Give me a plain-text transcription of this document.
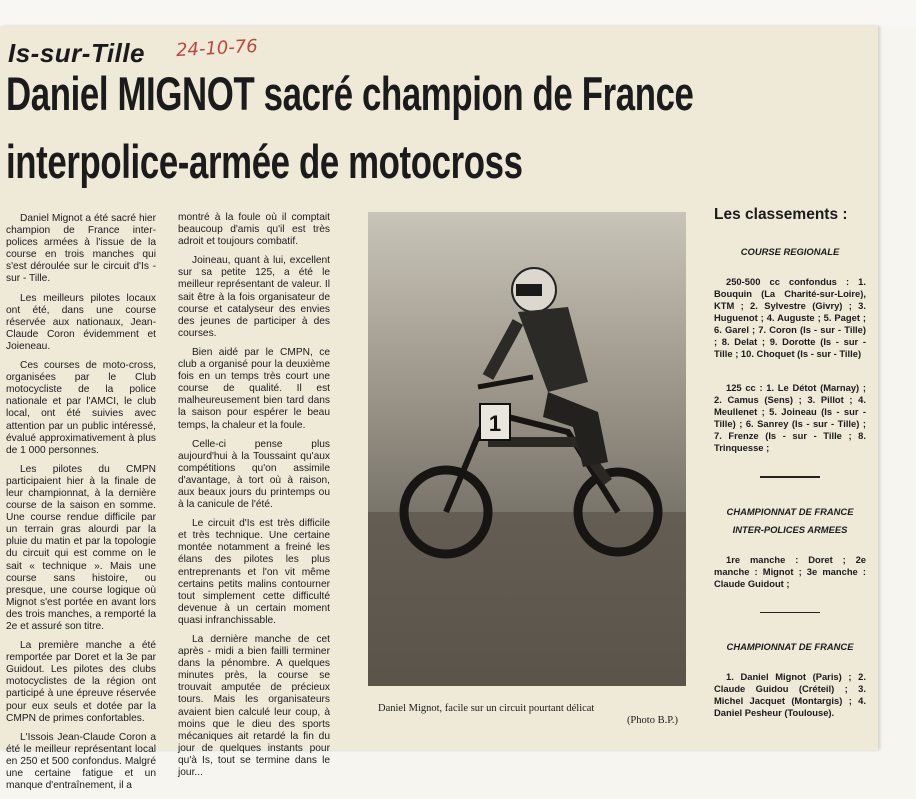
Is-sur-Tille 24-10-76
Daniel MIGNOT sacré champion de France
interpolice-armée de motocross

Daniel Mignot a été sacré hier champion de France inter-polices armées à l'issue de la course en trois manches qui s'est déroulée sur le circuit d'Is - sur - Tille.

Les meilleurs pilotes locaux ont été, dans une course réservée aux nationaux, Jean-Claude Coron évidemment et Joieneau.

Ces courses de moto-cross, organisées par le Club motocycliste de la police nationale et par l'AMCI, le club local, ont été suivies avec attention par un public intéressé, évalué approximativement à plus de 1 000 personnes.

Les pilotes du CMPN participaient hier à la finale de leur championnat, à la dernière course de la saison en somme. Une course rendue difficile par un terrain gras alourdi par la pluie du matin et par la topologie du circuit qui est comme on le sait « technique ». Mais une course sans histoire, ou presque, une course logique où Mignot s'est portée en avant lors des trois manches, a remporté la 2e et assuré son titre.

La première manche a été remportée par Doret et la 3e par Guidout. Les pilotes des clubs motocyclistes de la région ont participé à une épreuve réservée pour eux seuls et dotée par la CMPN de primes confortables.

L'Issois Jean-Claude Coron a été le meilleur représentant local en 250 et 500 confondus. Malgré une certaine fatigue et un manque d'entraînement, il a

montré à la foule où il comptait beaucoup d'amis qu'il est très adroit et toujours combatif.

Joineau, quant à lui, excellent sur sa petite 125, a été le meilleur représentant de valeur. Il sait être à la fois organisateur de course et catalyseur des envies des jeunes de participer à des courses.

Bien aidé par le CMPN, ce club a organisé pour la deuxième fois en un temps très court une course de qualité. Il est malheureusement bien tard dans la saison pour espérer le beau temps, la chaleur et la foule.

Celle-ci pense plus aujourd'hui à la Toussaint qu'aux compétitions qu'on assimile d'avantage, à tort où à raison, aux beaux jours du printemps ou à la canicule de l'été.

Le circuit d'Is est très difficile et très technique. Une certaine montée notamment a freiné les élans des pilotes les plus entreprenants et l'on vit même certains petits malins contourner tout simplement cette difficulté devenue à un certain moment quasi infranchissable.

La dernière manche de cet après - midi a bien failli terminer dans la pénombre. A quelques minutes près, la course se trouvait amputée de précieux tours. Mais les organisateurs avaient bien calculé leur coup, à moins que le dieu des sports mécaniques ait retardé la fin du jour de quelques instants pour qu'à Is, tout se termine dans le jour...

1
Daniel Mignot, facile sur un circuit pourtant délicat
(Photo B.P.)
Les classements :
COURSE REGIONALE

250-500 cc confondus : 1. Bouquin (La Charité-sur-Loire), KTM ; 2. Sylvestre (Givry) ; 3. Huguenot ; 4. Auguste ; 5. Paget ; 6. Garel ; 7. Coron (Is - sur - Tille) ; 8. Delat ; 9. Dorotte (Is - sur - Tille ; 10. Choquet (Is - sur - Tille)

125 cc : 1. Le Détot (Marnay) ; 2. Camus (Sens) ; 3. Pillot ; 4. Meullenet ; 5. Joineau (Is - sur - Tille) ; 6. Sanrey (Is - sur - Tille) ; 7. Frenze (Is - sur - Tille ; 8. Trinquesse ;

CHAMPIONNAT DE FRANCE
INTER-POLICES ARMEES

1re manche : Doret ; 2e manche : Mignot ; 3e manche : Claude Guidout ;

CHAMPIONNAT DE FRANCE

1. Daniel Mignot (Paris) ; 2. Claude Guidou (Créteil) ; 3. Michel Jacquet (Montargis) ; 4. Daniel Pesheur (Toulouse).
